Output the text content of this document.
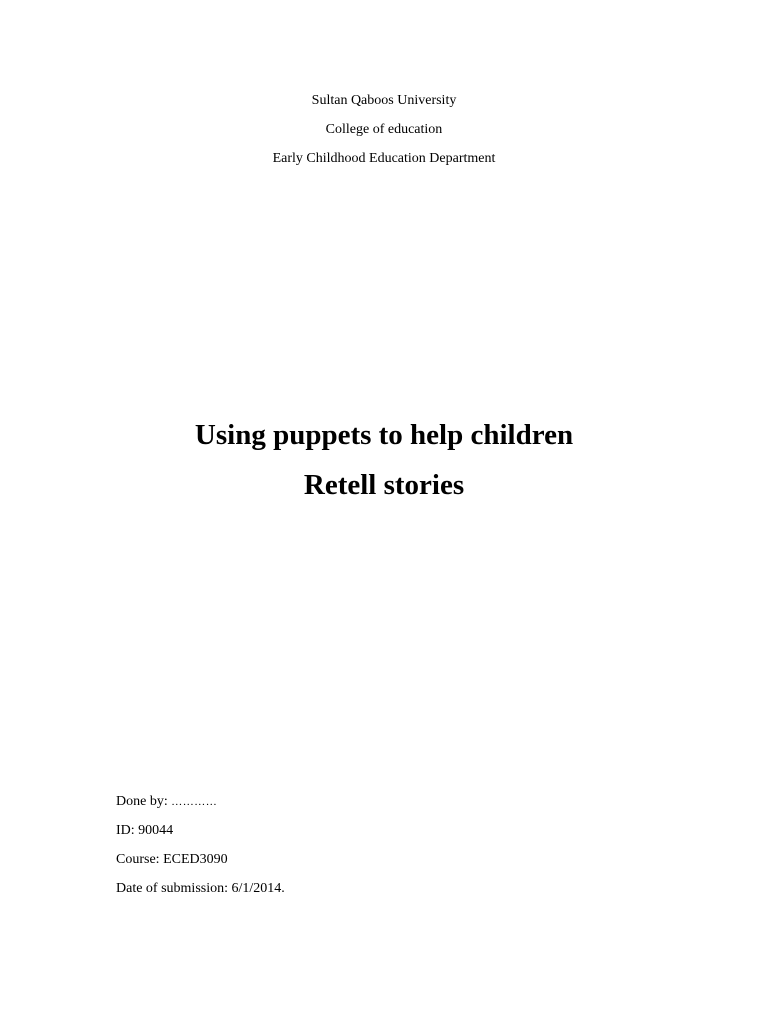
Sultan Qaboos University
College of education
Early Childhood Education Department
Using puppets to help children
Retell stories
Done by: …………
ID: 90044
Course: ECED3090
Date of submission: 6/1/2014.
